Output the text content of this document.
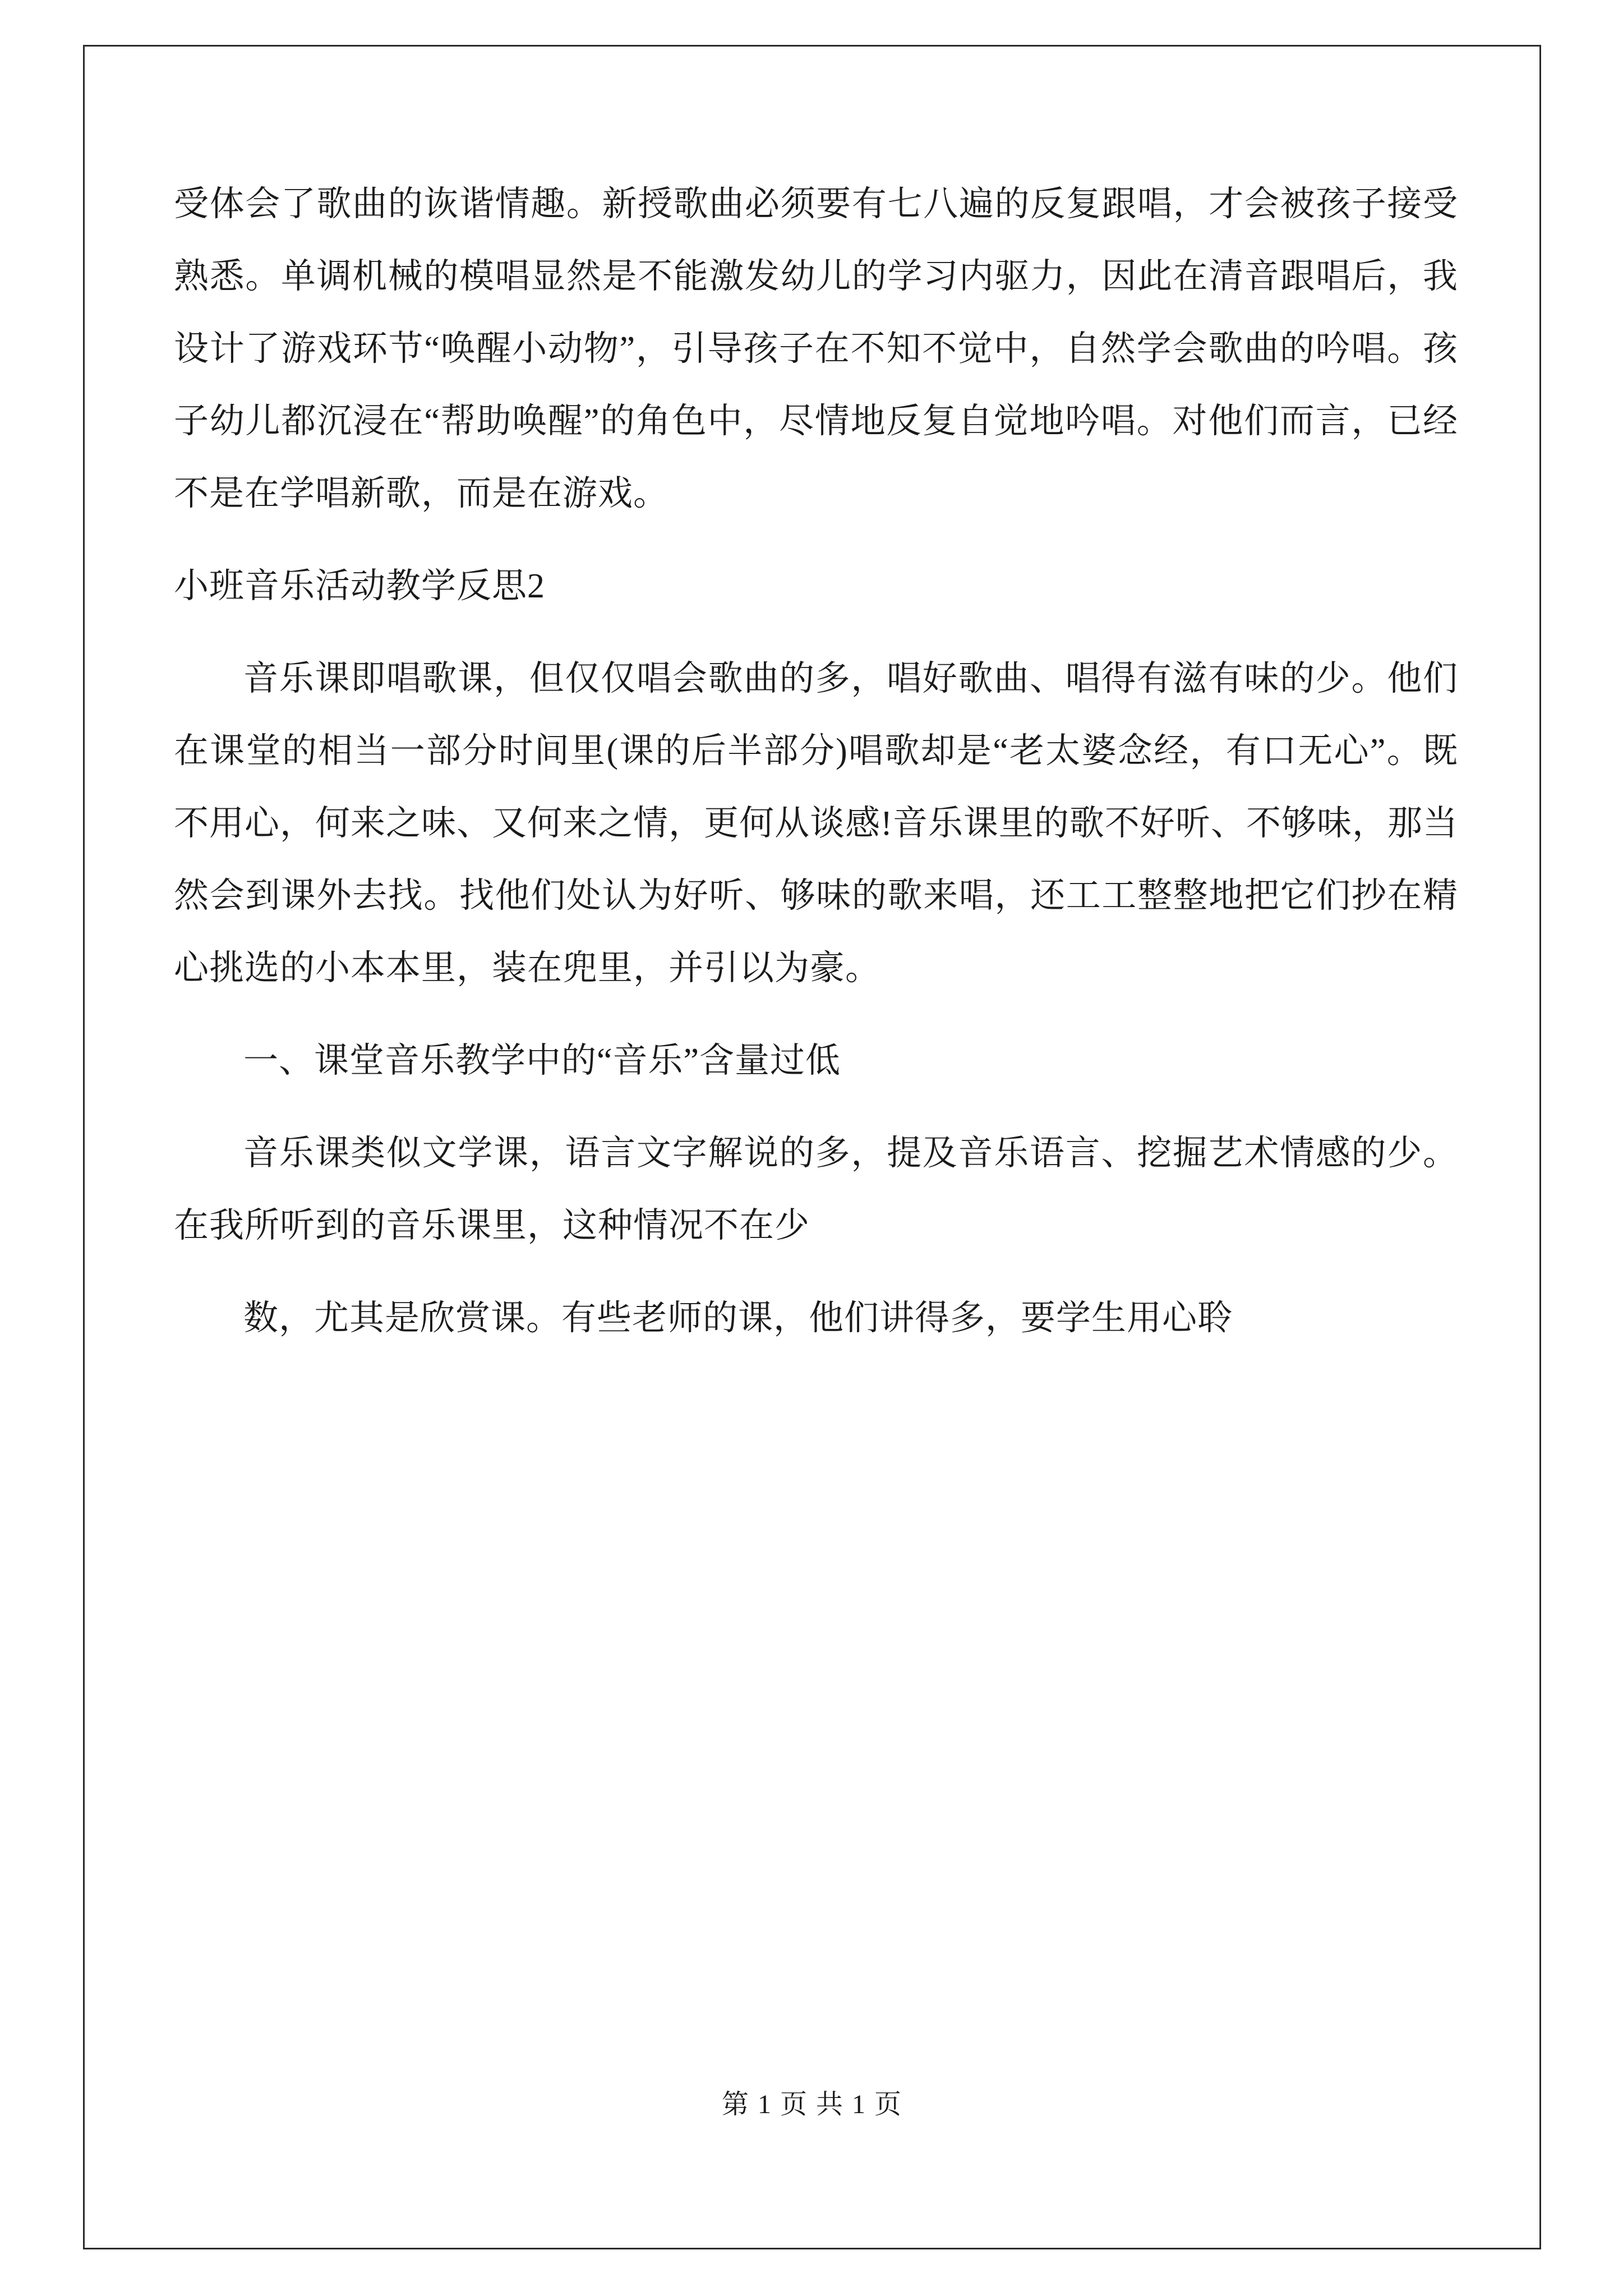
受体会了歌曲的诙谐情趣。新授歌曲必须要有七八遍的反复跟唱，才会被孩子接受熟悉。单调机械的模唱显然是不能激发幼儿的学习内驱力，因此在清音跟唱后，我设计了游戏环节“唤醒小动物”，引导孩子在不知不觉中，自然学会歌曲的吟唱。孩子幼儿都沉浸在“帮助唤醒”的角色中，尽情地反复自觉地吟唱。对他们而言，已经不是在学唱新歌，而是在游戏。

小班音乐活动教学反思2

音乐课即唱歌课，但仅仅唱会歌曲的多，唱好歌曲、唱得有滋有味的少。他们在课堂的相当一部分时间里(课的后半部分)唱歌却是“老太婆念经，有口无心”。既不用心，何来之味、又何来之情，更何从谈感!音乐课里的歌不好听、不够味，那当然会到课外去找。找他们处认为好听、够味的歌来唱，还工工整整地把它们抄在精心挑选的小本本里，装在兜里，并引以为豪。

一、课堂音乐教学中的“音乐”含量过低

音乐课类似文学课，语言文字解说的多，提及音乐语言、挖掘艺术情感的少。在我所听到的音乐课里，这种情况不在少

数，尤其是欣赏课。有些老师的课，他们讲得多，要学生用心聆

第 1 页 共 1 页
